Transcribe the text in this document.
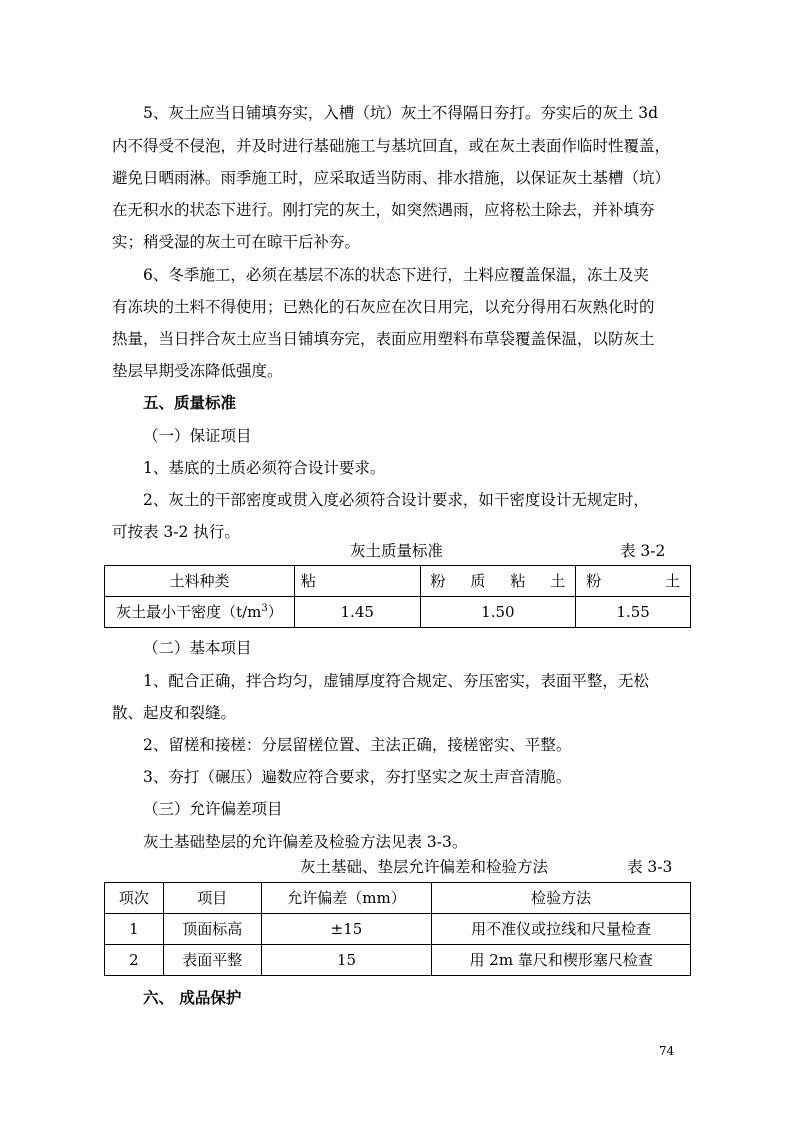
5、灰土应当日铺填夯实，入槽（坑）灰土不得隔日夯打。夯实后的灰土 3d
内不得受不侵泡，并及时进行基础施工与基坑回直，或在灰土表面作临时性覆盖，
避免日晒雨淋。雨季施工时，应采取适当防雨、排水措施，以保证灰土基槽（坑）
在无积水的状态下进行。刚打完的灰土，如突然遇雨，应将松土除去，并补填夯
实；稍受湿的灰土可在晾干后补夯。
6、冬季施工，必须在基层不冻的状态下进行，土料应覆盖保温，冻土及夹
有冻块的土料不得使用；已熟化的石灰应在次日用完，以充分得用石灰熟化时的
热量，当日拌合灰土应当日铺填夯完，表面应用塑料布草袋覆盖保温，以防灰土
垫层早期受冻降低强度。
五、质量标准
（一）保证项目
1、基底的土质必须符合设计要求。
2、灰土的干部密度或贯入度必须符合设计要求，如干密度设计无规定时，
可按表 3-2 执行。
灰土质量标准	表 3-2
土料种类	粘	粉 质 粘 土	粉 土

灰土最小干密度$(t/m^3)$	1.45	1.50	1.55
（二）基本项目
1、配合正确，拌合均匀，虚铺厚度符合规定、夯压密实，表面平整，无松
散、起皮和裂缝。
2、留槎和接槎：分层留槎位置、主法正确，接槎密实、平整。
3、夯打（碾压）遍数应符合要求，夯打坚实之灰土声音清脆。
（三）允许偏差项目
灰土基础垫层的允许偏差及检验方法见表 3-3。
灰土基础、垫层允许偏差和检验方法	表 3-3
项次	项目	允许偏差（mm）	检验方法
1	顶面标高	±15	用不准仪或拉线和尺量检查
2	表面平整	15	用 2m 靠尺和楔形塞尺检查
六、 成品保护
74
